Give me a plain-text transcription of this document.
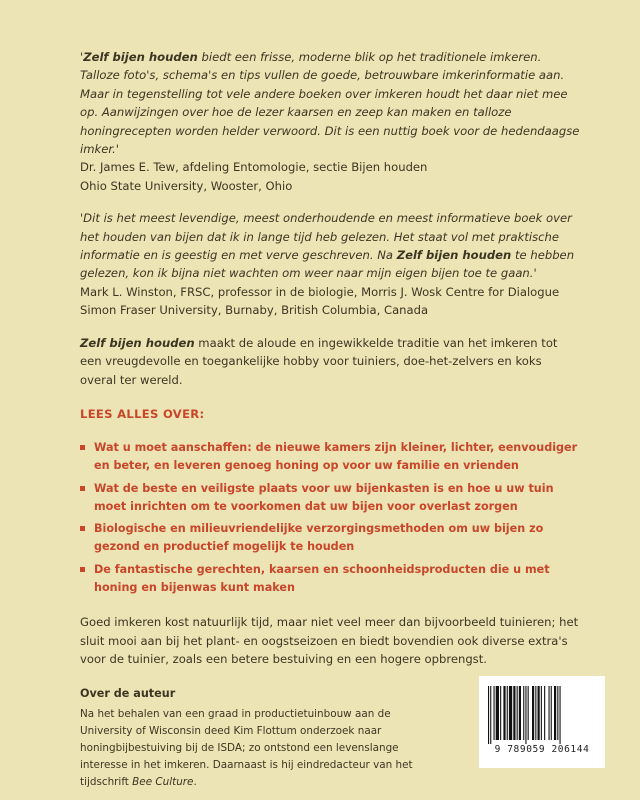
'Zelf bijen houden biedt een frisse, moderne blik op het traditionele imkeren. Talloze foto's, schema's en tips vullen de goede, betrouwbare imkerinformatie aan. Maar in tegenstelling tot vele andere boeken over imkeren houdt het daar niet mee op. Aanwijzingen over hoe de lezer kaarsen en zeep kan maken en talloze honingrecepten worden helder verwoord. Dit is een nuttig boek voor de hedendaagse imker.'

Dr. James E. Tew, afdeling Entomologie, sectie Bijen houden

Ohio State University, Wooster, Ohio

'Dit is het meest levendige, meest onderhoudende en meest informatieve boek over het houden van bijen dat ik in lange tijd heb gelezen. Het staat vol met praktische informatie en is geestig en met verve geschreven. Na Zelf bijen houden te hebben gelezen, kon ik bijna niet wachten om weer naar mijn eigen bijen toe te gaan.'

Mark L. Winston, FRSC, professor in de biologie, Morris J. Wosk Centre for Dialogue

Simon Fraser University, Burnaby, British Columbia, Canada

Zelf bijen houden maakt de aloude en ingewikkelde traditie van het imkeren tot een vreugdevolle en toegankelijke hobby voor tuiniers, doe-het-zelvers en koks overal ter wereld.

LEES ALLES OVER:

Wat u moet aanschaffen: de nieuwe kamers zijn kleiner, lichter, eenvoudiger en beter, en leveren genoeg honing op voor uw familie en vrienden
Wat de beste en veiligste plaats voor uw bijenkasten is en hoe u uw tuin moet inrichten om te voorkomen dat uw bijen voor overlast zorgen
Biologische en milieuvriendelijke verzorgingsmethoden om uw bijen zo gezond en productief mogelijk te houden
De fantastische gerechten, kaarsen en schoonheidsproducten die u met honing en bijenwas kunt maken

Goed imkeren kost natuurlijk tijd, maar niet veel meer dan bijvoorbeeld tuinieren; het sluit mooi aan bij het plant- en oogstseizoen en biedt bovendien ook diverse extra's voor de tuinier, zoals een betere bestuiving en een hogere opbrengst.

Over de auteur

Na het behalen van een graad in productietuinbouw aan de University of Wisconsin deed Kim Flottum onderzoek naar honingbijbestuiving bij de ISDA; zo ontstond een levenslange interesse in het imkeren. Daarnaast is hij eindredacteur van het tijdschrift Bee Culture.

9 789059 206144
